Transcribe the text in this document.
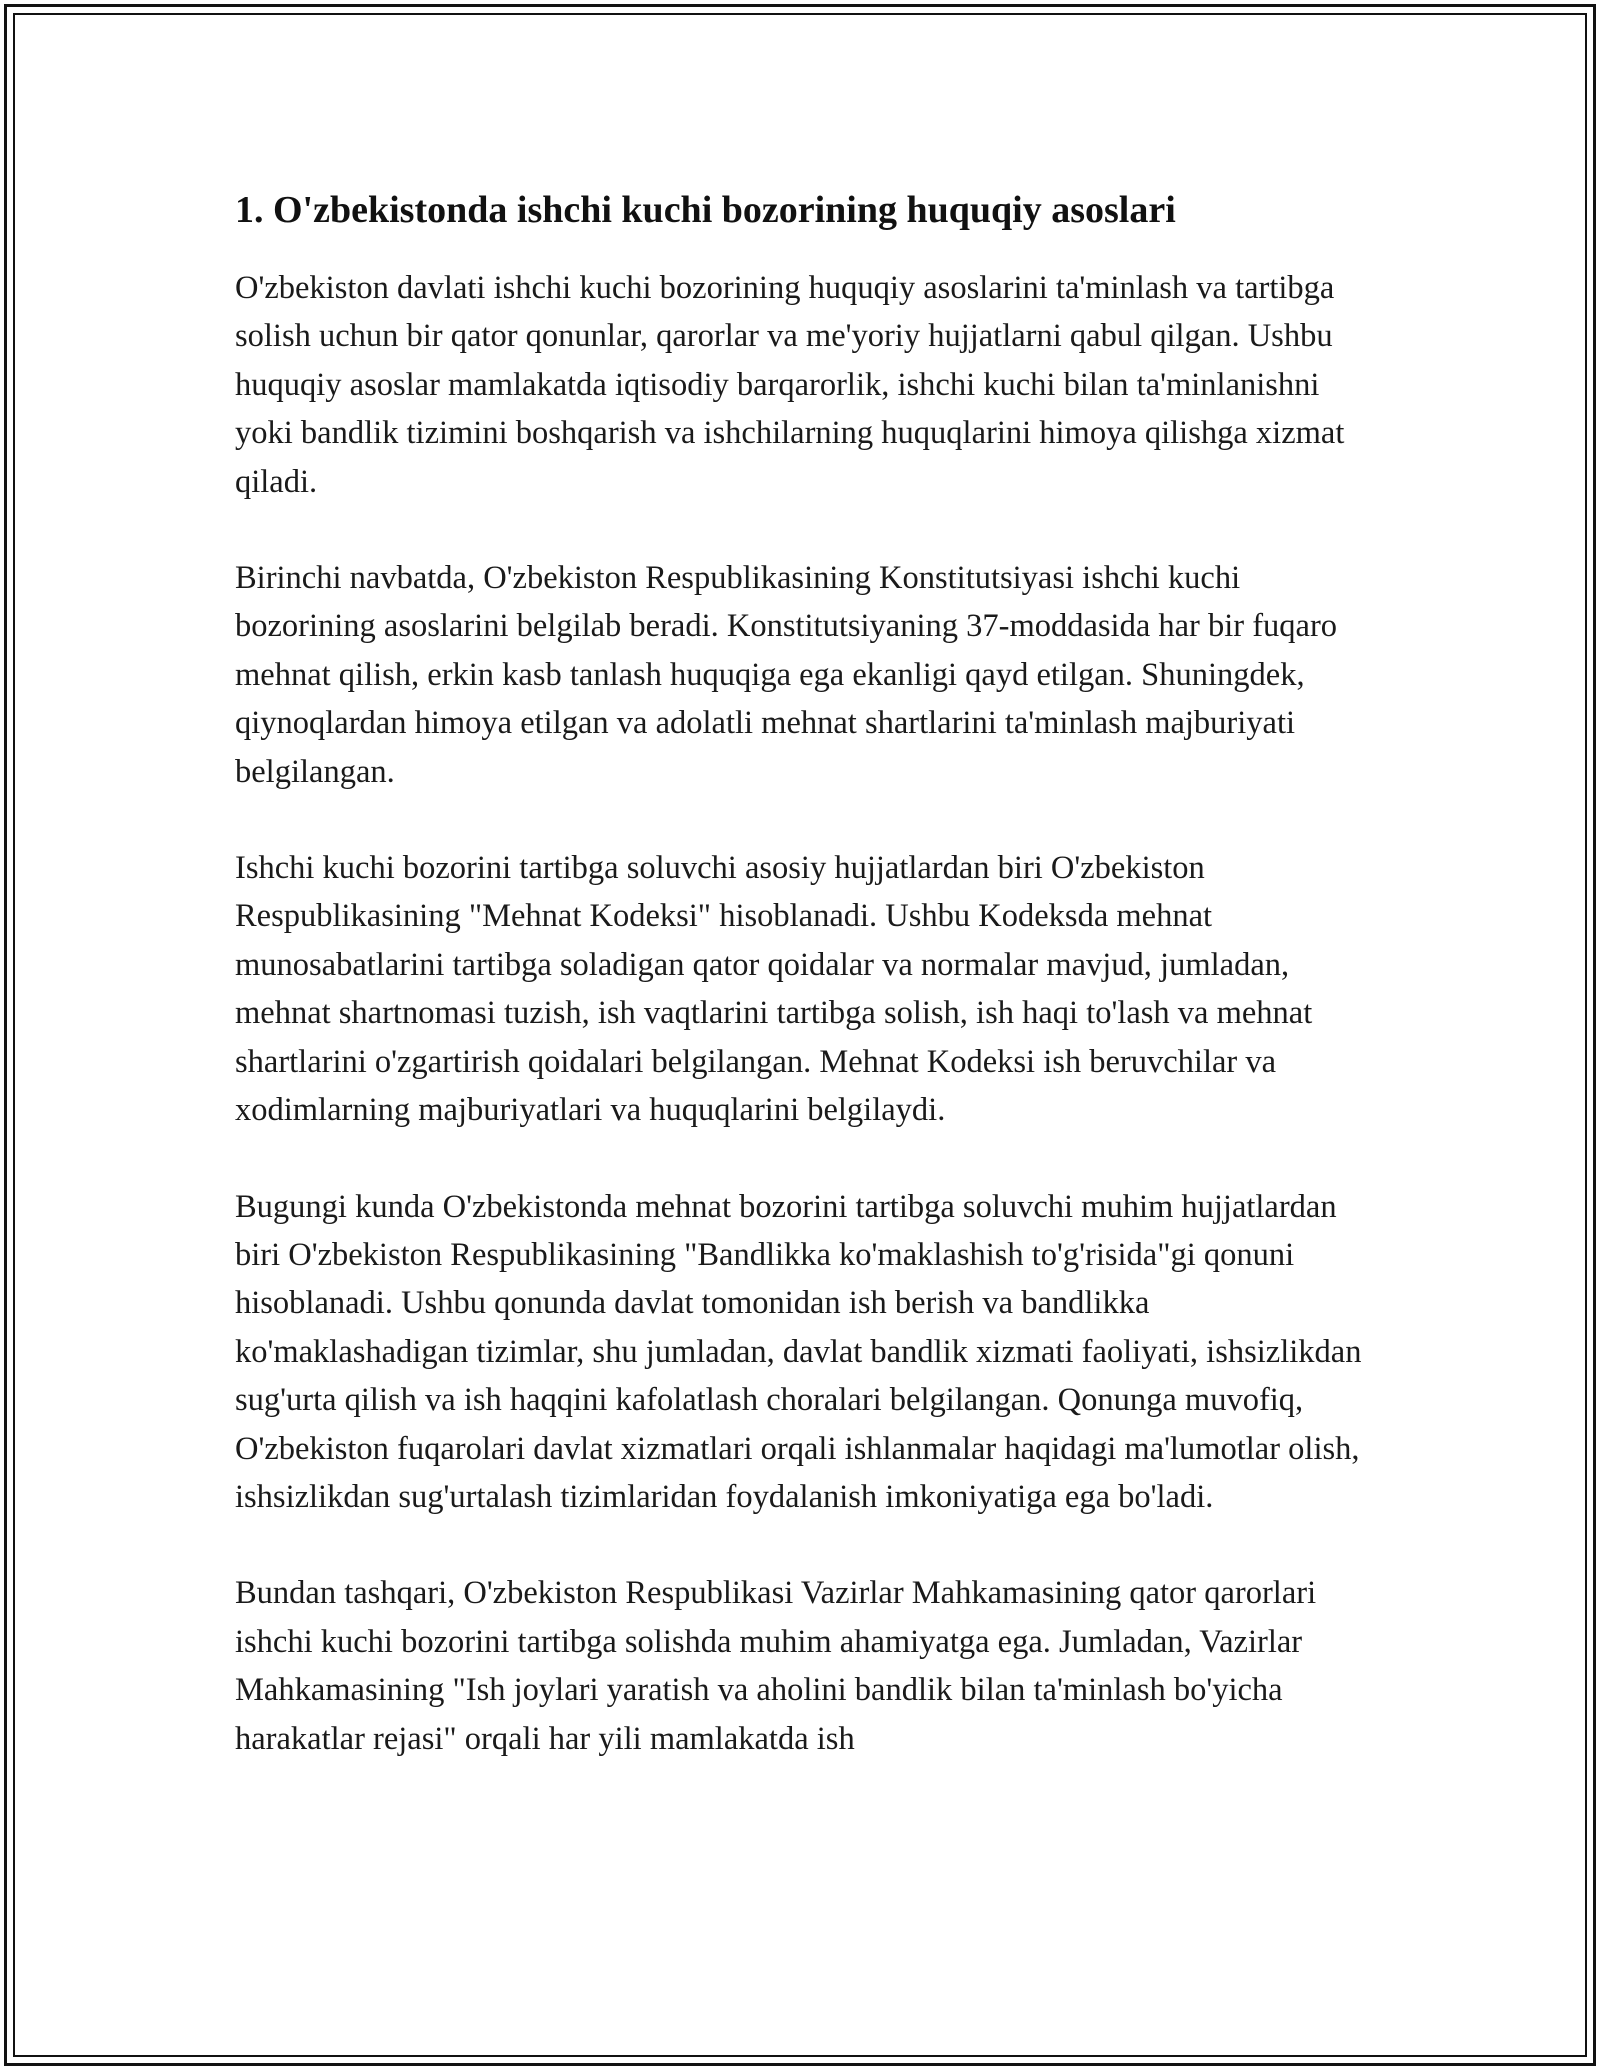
1. O'zbekistonda ishchi kuchi bozorining huquqiy asoslari

O'zbekiston davlati ishchi kuchi bozorining huquqiy asoslarini ta'minlash va tartibga solish uchun bir qator qonunlar, qarorlar va me'yoriy hujjatlarni qabul qilgan. Ushbu huquqiy asoslar mamlakatda iqtisodiy barqarorlik, ishchi kuchi bilan ta'minlanishni yoki bandlik tizimini boshqarish va ishchilarning huquqlarini himoya qilishga xizmat qiladi.

Birinchi navbatda, O'zbekiston Respublikasining Konstitutsiyasi ishchi kuchi bozorining asoslarini belgilab beradi. Konstitutsiyaning 37-moddasida har bir fuqaro mehnat qilish, erkin kasb tanlash huquqiga ega ekanligi qayd etilgan. Shuningdek, qiynoqlardan himoya etilgan va adolatli mehnat shartlarini ta'minlash majburiyati belgilangan.

Ishchi kuchi bozorini tartibga soluvchi asosiy hujjatlardan biri O'zbekiston Respublikasining "Mehnat Kodeksi" hisoblanadi. Ushbu Kodeksda mehnat munosabatlarini tartibga soladigan qator qoidalar va normalar mavjud, jumladan, mehnat shartnomasi tuzish, ish vaqtlarini tartibga solish, ish haqi to'lash va mehnat shartlarini o'zgartirish qoidalari belgilangan. Mehnat Kodeksi ish beruvchilar va xodimlarning majburiyatlari va huquqlarini belgilaydi.

Bugungi kunda O'zbekistonda mehnat bozorini tartibga soluvchi muhim hujjatlardan biri O'zbekiston Respublikasining "Bandlikka ko'maklashish to'g'risida"gi qonuni hisoblanadi. Ushbu qonunda davlat tomonidan ish berish va bandlikka ko'maklashadigan tizimlar, shu jumladan, davlat bandlik xizmati faoliyati, ishsizlikdan sug'urta qilish va ish haqqini kafolatlash choralari belgilangan. Qonunga muvofiq, O'zbekiston fuqarolari davlat xizmatlari orqali ishlanmalar haqidagi ma'lumotlar olish, ishsizlikdan sug'urtalash tizimlaridan foydalanish imkoniyatiga ega bo'ladi.

Bundan tashqari, O'zbekiston Respublikasi Vazirlar Mahkamasining qator qarorlari ishchi kuchi bozorini tartibga solishda muhim ahamiyatga ega. Jumladan, Vazirlar Mahkamasining "Ish joylari yaratish va aholini bandlik bilan ta'minlash bo'yicha harakatlar rejasi" orqali har yili mamlakatda ish
